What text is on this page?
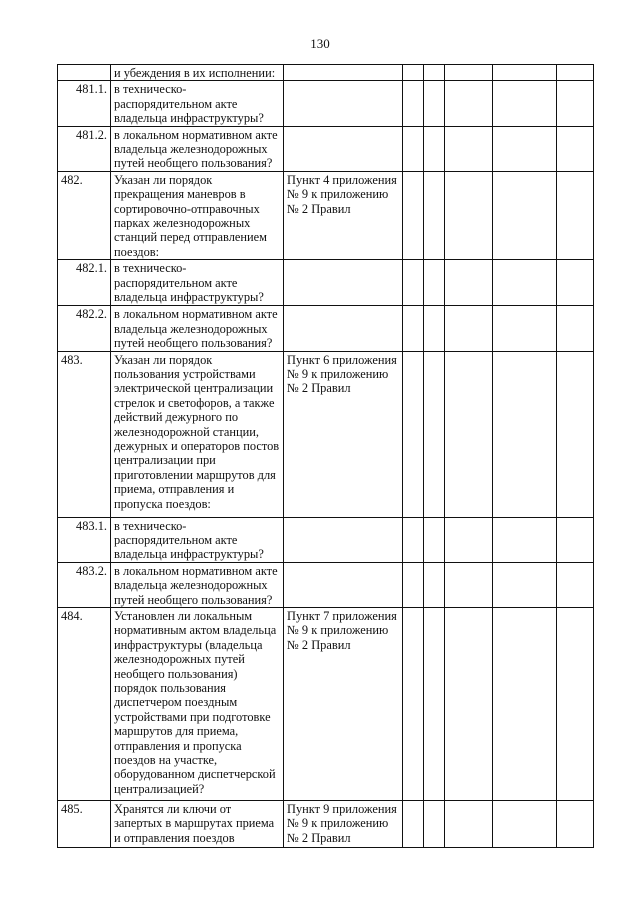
130
	и убеждения в их исполнении:						
481.1.	в техническо-распорядительном акте владельца инфраструктуры?						
481.2.	в локальном нормативном акте владельца железнодорожных путей необщего пользования?						
482.	Указан ли порядок прекращения маневров в сортировочно-отправочных парках железнодорожных станций перед отправлением поездов:	Пункт 4 приложения № 9 к приложению № 2 Правил					
482.1.	в техническо-распорядительном акте владельца инфраструктуры?						
482.2.	в локальном нормативном акте владельца железнодорожных путей необщего пользования?						
483.	Указан ли порядок пользования устройствами электрической централизации стрелок и светофоров, а также действий дежурного по железнодорожной станции, дежурных и операторов постов централизации при приготовлении маршрутов для приема, отправления и пропуска поездов:	Пункт 6 приложения № 9 к приложению № 2 Правил					
483.1.	в техническо-распорядительном акте владельца инфраструктуры?						
483.2.	в локальном нормативном акте владельца железнодорожных путей необщего пользования?						
484.	Установлен ли локальным нормативным актом владельца инфраструктуры (владельца железнодорожных путей необщего пользования) порядок пользования диспетчером поездным устройствами при подготовке маршрутов для приема, отправления и пропуска поездов на участке, оборудованном диспетчерской централизацией?	Пункт 7 приложения № 9 к приложению № 2 Правил					
485.	Хранятся ли ключи от запертых в маршрутах приема и отправления поездов	Пункт 9 приложения № 9 к приложению № 2 Правил					
